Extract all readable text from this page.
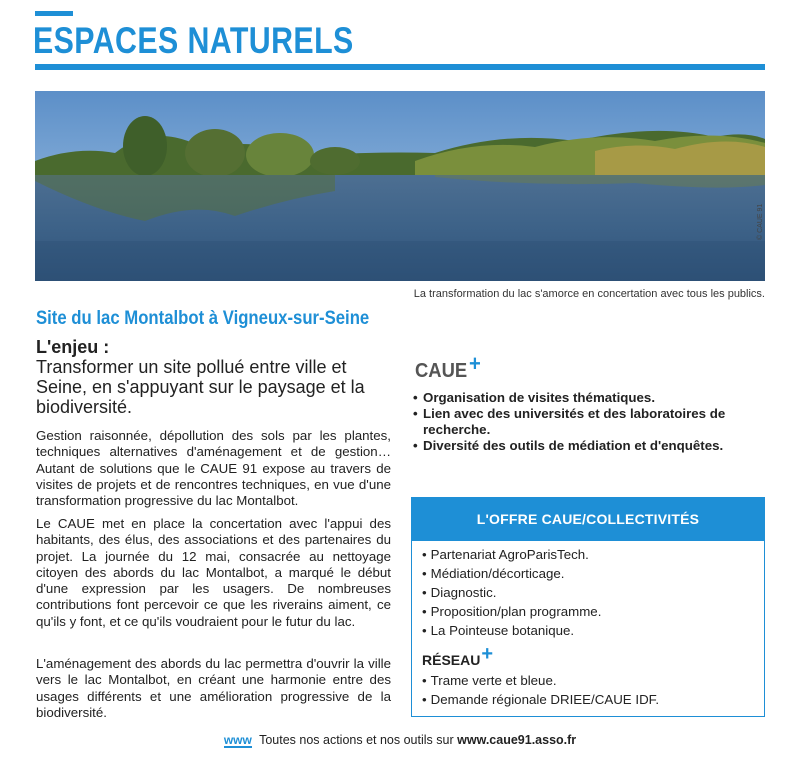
ESPACES NATURELS
© CAUE 91
La transformation du lac s'amorce en concertation avec tous les publics.
Site du lac Montalbot à Vigneux-sur-Seine
L'enjeu :
Transformer un site pollué entre ville et Seine, en s'appuyant sur le paysage et la biodiversité.

Gestion raisonnée, dépollution des sols par les plantes, techniques alternatives d'aménagement et de gestion… Autant de solutions que le CAUE 91 expose au travers de visites de projets et de rencontres techniques, en vue d'une transformation progressive du lac Montalbot.

Le CAUE met en place la concertation avec l'appui des habitants, des élus, des associations et des partenaires du projet. La journée du 12 mai, consacrée au nettoyage citoyen des abords du lac Montalbot, a marqué le début d'une expression par les usagers. De nombreuses contributions font percevoir ce que les riverains aiment, ce qu'ils y font, et ce qu'ils voudraient pour le futur du lac.

L'aménagement des abords du lac permettra d'ouvrir la ville vers le lac Montalbot, en créant une harmonie entre des usages différents et une amélioration progressive de la biodiversité.

CAUE+
• Organisation de visites thématiques.
• Lien avec des universités et des laboratoires de recherche.
• Diversité des outils de médiation et d'enquêtes.
L'OFFRE CAUE/COLLECTIVITÉS
• Partenariat AgroParisTech.
• Médiation/décorticage.
• Diagnostic.
• Proposition/plan programme.
• La Pointeuse botanique.
RÉSEAU+
• Trame verte et bleue.
• Demande régionale DRIEE/CAUE IDF.
www Toutes nos actions et nos outils sur www.caue91.asso.fr
